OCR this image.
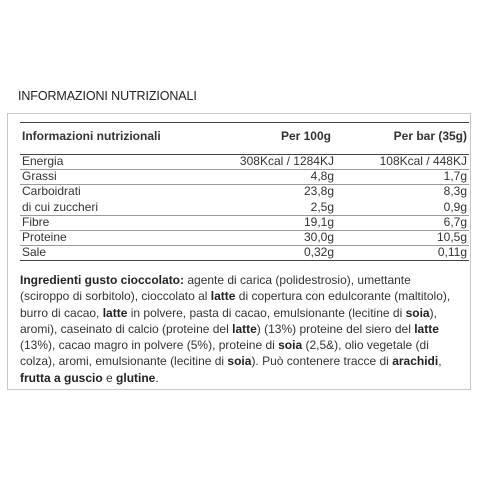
INFORMAZIONI NUTRIZIONALI
Informazioni nutrizionali	Per 100g	Per bar (35g)
Energia	308Kcal / 1284KJ	108Kcal / 448KJ
Grassi	4,8g	1,7g
Carboidrati	23,8g	8,3g
di cui zuccheri	2,5g	0,9g
Fibre	19,1g	6,7g
Proteine	30,0g	10,5g
Sale	0,32g	0,11g
Ingredienti gusto cioccolato: agente di carica (polidestrosio), umettante (sciroppo di sorbitolo), cioccolato al latte di copertura con edulcorante (maltitolo), burro di cacao, latte in polvere, pasta di cacao, emulsionante (lecitine di soia), aromi), caseinato di calcio (proteine del latte) (13%) proteine del siero del latte (13%), cacao magro in polvere (5%), proteine di soia (2,5&), olio vegetale (di colza), aromi, emulsionante (lecitine di soia). Può contenere tracce di arachidi, frutta a guscio e glutine.
